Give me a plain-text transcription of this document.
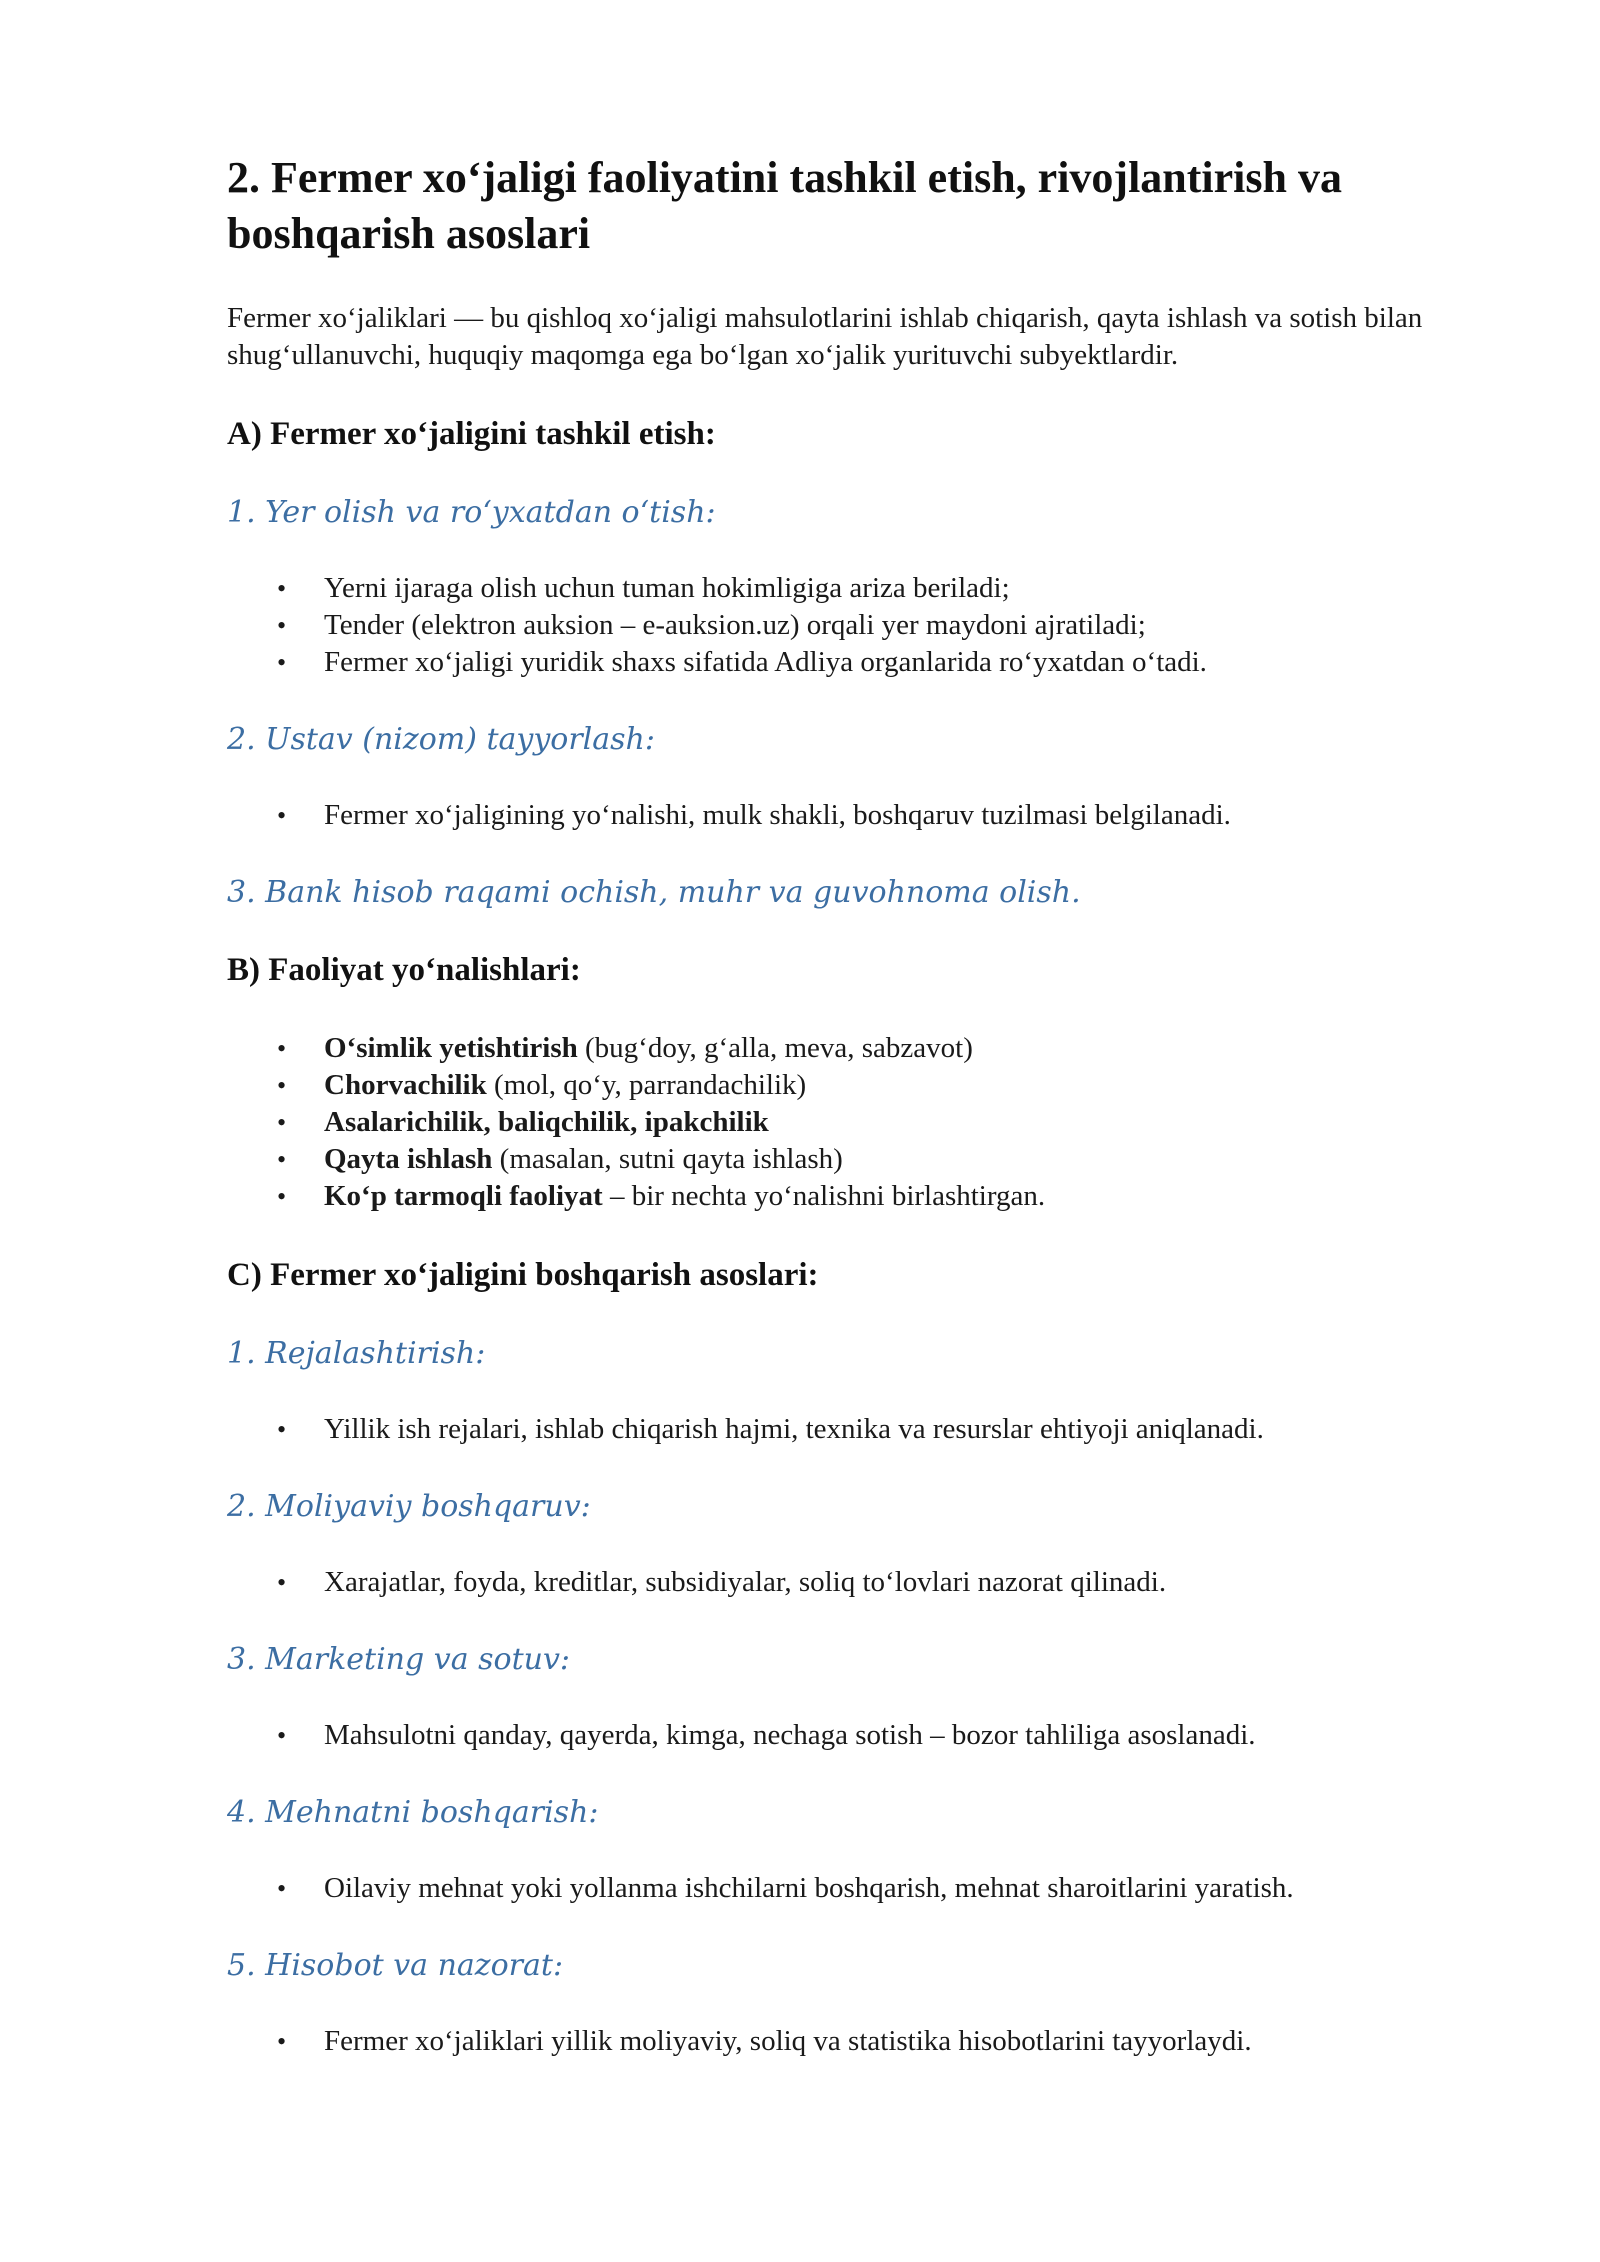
2. Fermer xo‘jaligi faoliyatini tashkil etish, rivojlantirish va boshqarish asoslari

Fermer xo‘jaliklari — bu qishloq xo‘jaligi mahsulotlarini ishlab chiqarish, qayta ishlash va sotish bilan shug‘ullanuvchi, huquqiy maqomga ega bo‘lgan xo‘jalik yurituvchi subyektlardir.

A) Fermer xo‘jaligini tashkil etish:
1. Yer olish va ro‘yxatdan o‘tish:
• Yerni ijaraga olish uchun tuman hokimligiga ariza beriladi;
• Tender (elektron auksion – e-auksion.uz) orqali yer maydoni ajratiladi;
• Fermer xo‘jaligi yuridik shaxs sifatida Adliya organlarida ro‘yxatdan o‘tadi.
2. Ustav (nizom) tayyorlash:
• Fermer xo‘jaligining yo‘nalishi, mulk shakli, boshqaruv tuzilmasi belgilanadi.
3. Bank hisob raqami ochish, muhr va guvohnoma olish.
B) Faoliyat yo‘nalishlari:
• O‘simlik yetishtirish (bug‘doy, g‘alla, meva, sabzavot)
• Chorvachilik (mol, qo‘y, parrandachilik)
• Asalarichilik, baliqchilik, ipakchilik
• Qayta ishlash (masalan, sutni qayta ishlash)
• Ko‘p tarmoqli faoliyat – bir nechta yo‘nalishni birlashtirgan.
C) Fermer xo‘jaligini boshqarish asoslari:
1. Rejalashtirish:
• Yillik ish rejalari, ishlab chiqarish hajmi, texnika va resurslar ehtiyoji aniqlanadi.
2. Moliyaviy boshqaruv:
• Xarajatlar, foyda, kreditlar, subsidiyalar, soliq to‘lovlari nazorat qilinadi.
3. Marketing va sotuv:
• Mahsulotni qanday, qayerda, kimga, nechaga sotish – bozor tahliliga asoslanadi.
4. Mehnatni boshqarish:
• Oilaviy mehnat yoki yollanma ishchilarni boshqarish, mehnat sharoitlarini yaratish.
5. Hisobot va nazorat:
• Fermer xo‘jaliklari yillik moliyaviy, soliq va statistika hisobotlarini tayyorlaydi.
